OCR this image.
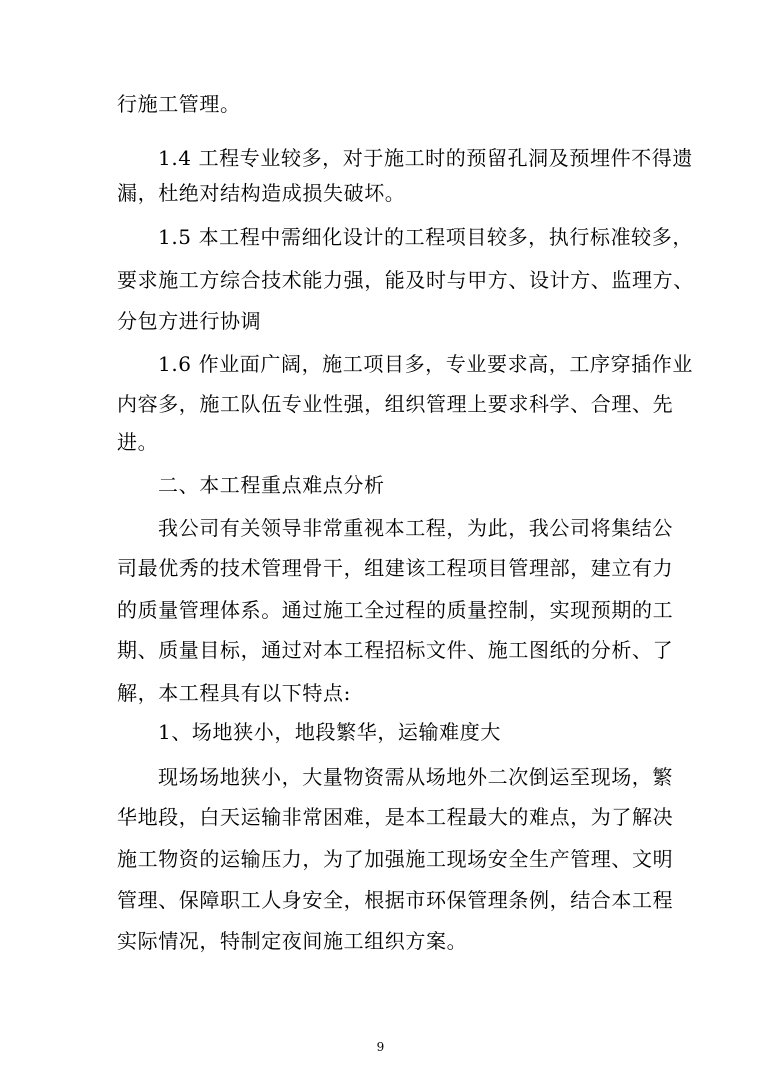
行施工管理。
1.4 工程专业较多，对于施工时的预留孔洞及预埋件不得遗
漏，杜绝对结构造成损失破坏。
1.5 本工程中需细化设计的工程项目较多，执行标准较多，
要求施工方综合技术能力强，能及时与甲方、设计方、监理方、
分包方进行协调
1.6 作业面广阔，施工项目多，专业要求高，工序穿插作业
内容多，施工队伍专业性强，组织管理上要求科学、合理、先
进。
二、本工程重点难点分析
我公司有关领导非常重视本工程，为此，我公司将集结公
司最优秀的技术管理骨干，组建该工程项目管理部，建立有力
的质量管理体系。通过施工全过程的质量控制，实现预期的工
期、质量目标，通过对本工程招标文件、施工图纸的分析、了
解，本工程具有以下特点:
1、场地狭小，地段繁华，运输难度大
现场场地狭小，大量物资需从场地外二次倒运至现场，繁
华地段，白天运输非常困难，是本工程最大的难点，为了解决
施工物资的运输压力，为了加强施工现场安全生产管理、文明
管理、保障职工人身安全，根据市环保管理条例，结合本工程
实际情况，特制定夜间施工组织方案。
9
